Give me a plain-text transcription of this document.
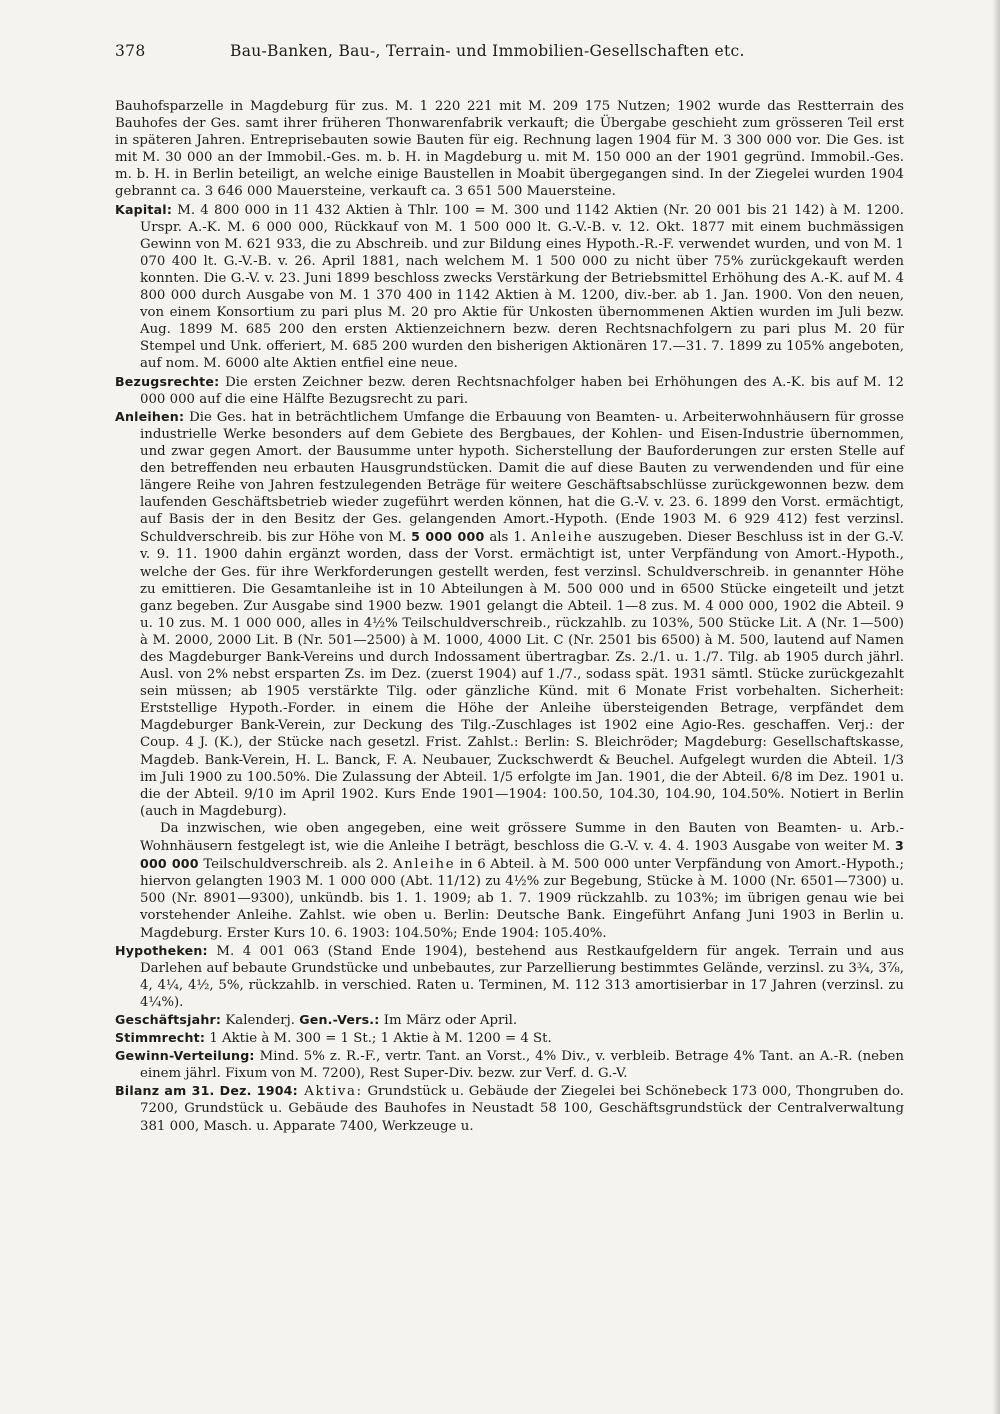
378	Bau-Banken, Bau-, Terrain- und Immobilien-Gesellschaften etc.

Bauhofsparzelle in Magdeburg für zus. M. 1 220 221 mit M. 209 175 Nutzen; 1902 wurde das Restterrain des Bauhofes der Ges. samt ihrer früheren Thonwarenfabrik verkauft; die Übergabe geschieht zum grösseren Teil erst in späteren Jahren. Entreprisebauten sowie Bauten für eig. Rechnung lagen 1904 für M. 3 300 000 vor. Die Ges. ist mit M. 30 000 an der Immobil.-Ges. m. b. H. in Magdeburg u. mit M. 150 000 an der 1901 gegründ. Immobil.-Ges. m. b. H. in Berlin beteiligt, an welche einige Baustellen in Moabit übergegangen sind. In der Ziegelei wurden 1904 gebrannt ca. 3 646 000 Mauersteine, verkauft ca. 3 651 500 Mauersteine.

Kapital: M. 4 800 000 in 11 432 Aktien à Thlr. 100 = M. 300 und 1142 Aktien (Nr. 20 001 bis 21 142) à M. 1200. Urspr. A.-K. M. 6 000 000, Rückkauf von M. 1 500 000 lt. G.-V.-B. v. 12. Okt. 1877 mit einem buchmässigen Gewinn von M. 621 933, die zu Abschreib. und zur Bildung eines Hypoth.-R.-F. verwendet wurden, und von M. 1 070 400 lt. G.-V.-B. v. 26. April 1881, nach welchem M. 1 500 000 zu nicht über 75% zurückgekauft werden konnten. Die G.-V. v. 23. Juni 1899 beschloss zwecks Verstärkung der Betriebsmittel Erhöhung des A.-K. auf M. 4 800 000 durch Ausgabe von M. 1 370 400 in 1142 Aktien à M. 1200, div.-ber. ab 1. Jan. 1900. Von den neuen, von einem Konsortium zu pari plus M. 20 pro Aktie für Unkosten übernommenen Aktien wurden im Juli bezw. Aug. 1899 M. 685 200 den ersten Aktienzeichnern bezw. deren Rechtsnachfolgern zu pari plus M. 20 für Stempel und Unk. offeriert, M. 685 200 wurden den bisherigen Aktionären 17.—31. 7. 1899 zu 105% angeboten, auf nom. M. 6000 alte Aktien entfiel eine neue.

Bezugsrechte: Die ersten Zeichner bezw. deren Rechtsnachfolger haben bei Erhöhungen des A.-K. bis auf M. 12 000 000 auf die eine Hälfte Bezugsrecht zu pari.

Anleihen: Die Ges. hat in beträchtlichem Umfange die Erbauung von Beamten- u. Arbeiterwohnhäusern für grosse industrielle Werke besonders auf dem Gebiete des Bergbaues, der Kohlen- und Eisen-Industrie übernommen, und zwar gegen Amort. der Bausumme unter hypoth. Sicherstellung der Bauforderungen zur ersten Stelle auf den betreffenden neu erbauten Hausgrundstücken. Damit die auf diese Bauten zu verwendenden und für eine längere Reihe von Jahren festzulegenden Beträge für weitere Geschäftsabschlüsse zurückgewonnen bezw. dem laufenden Geschäftsbetrieb wieder zugeführt werden können, hat die G.-V. v. 23. 6. 1899 den Vorst. ermächtigt, auf Basis der in den Besitz der Ges. gelangenden Amort.-Hypoth. (Ende 1903 M. 6 929 412) fest verzinsl. Schuldverschreib. bis zur Höhe von M. 5 000 000 als 1. Anleihe auszugeben. Dieser Beschluss ist in der G.-V. v. 9. 11. 1900 dahin ergänzt worden, dass der Vorst. ermächtigt ist, unter Verpfändung von Amort.-Hypoth., welche der Ges. für ihre Werkforderungen gestellt werden, fest verzinsl. Schuldverschreib. in genannter Höhe zu emittieren. Die Gesamtanleihe ist in 10 Abteilungen à M. 500 000 und in 6500 Stücke eingeteilt und jetzt ganz begeben. Zur Ausgabe sind 1900 bezw. 1901 gelangt die Abteil. 1—8 zus. M. 4 000 000, 1902 die Abteil. 9 u. 10 zus. M. 1 000 000, alles in 4½% Teilschuldverschreib., rückzahlb. zu 103%, 500 Stücke Lit. A (Nr. 1—500) à M. 2000, 2000 Lit. B (Nr. 501—2500) à M. 1000, 4000 Lit. C (Nr. 2501 bis 6500) à M. 500, lautend auf Namen des Magdeburger Bank-Vereins und durch Indossament übertragbar. Zs. 2./1. u. 1./7. Tilg. ab 1905 durch jährl. Ausl. von 2% nebst ersparten Zs. im Dez. (zuerst 1904) auf 1./7., sodass spät. 1931 sämtl. Stücke zurückgezahlt sein müssen; ab 1905 verstärkte Tilg. oder gänzliche Künd. mit 6 Monate Frist vorbehalten. Sicherheit: Erststellige Hypoth.-Forder. in einem die Höhe der Anleihe übersteigenden Betrage, verpfändet dem Magdeburger Bank-Verein, zur Deckung des Tilg.-Zuschlages ist 1902 eine Agio-Res. geschaffen. Verj.: der Coup. 4 J. (K.), der Stücke nach gesetzl. Frist. Zahlst.: Berlin: S. Bleichröder; Magdeburg: Gesellschaftskasse, Magdeb. Bank-Verein, H. L. Banck, F. A. Neubauer, Zuckschwerdt & Beuchel. Aufgelegt wurden die Abteil. 1/3 im Juli 1900 zu 100.50%. Die Zulassung der Abteil. 1/5 erfolgte im Jan. 1901, die der Abteil. 6/8 im Dez. 1901 u. die der Abteil. 9/10 im April 1902. Kurs Ende 1901—1904: 100.50, 104.30, 104.90, 104.50%. Notiert in Berlin (auch in Magdeburg).

Da inzwischen, wie oben angegeben, eine weit grössere Summe in den Bauten von Beamten- u. Arb.-Wohnhäusern festgelegt ist, wie die Anleihe I beträgt, beschloss die G.-V. v. 4. 4. 1903 Ausgabe von weiter M. 3 000 000 Teilschuldverschreib. als 2. Anleihe in 6 Abteil. à M. 500 000 unter Verpfändung von Amort.-Hypoth.; hiervon gelangten 1903 M. 1 000 000 (Abt. 11/12) zu 4½% zur Begebung, Stücke à M. 1000 (Nr. 6501—7300) u. 500 (Nr. 8901—9300), unkündb. bis 1. 1. 1909; ab 1. 7. 1909 rückzahlb. zu 103%; im übrigen genau wie bei vorstehender Anleihe. Zahlst. wie oben u. Berlin: Deutsche Bank. Eingeführt Anfang Juni 1903 in Berlin u. Magdeburg. Erster Kurs 10. 6. 1903: 104.50%; Ende 1904: 105.40%.

Hypotheken: M. 4 001 063 (Stand Ende 1904), bestehend aus Restkaufgeldern für angek. Terrain und aus Darlehen auf bebaute Grundstücke und unbebautes, zur Parzellierung bestimmtes Gelände, verzinsl. zu 3¾, 3⅞, 4, 4¼, 4½, 5%, rückzahlb. in verschied. Raten u. Terminen, M. 112 313 amortisierbar in 17 Jahren (verzinsl. zu 4¼%).

Geschäftsjahr: Kalenderj. Gen.-Vers.: Im März oder April.

Stimmrecht: 1 Aktie à M. 300 = 1 St.; 1 Aktie à M. 1200 = 4 St.

Gewinn-Verteilung: Mind. 5% z. R.-F., vertr. Tant. an Vorst., 4% Div., v. verbleib. Betrage 4% Tant. an A.-R. (neben einem jährl. Fixum von M. 7200), Rest Super-Div. bezw. zur Verf. d. G.-V.

Bilanz am 31. Dez. 1904: Aktiva: Grundstück u. Gebäude der Ziegelei bei Schönebeck 173 000, Thongruben do. 7200, Grundstück u. Gebäude des Bauhofes in Neustadt 58 100, Geschäftsgrundstück der Centralverwaltung 381 000, Masch. u. Apparate 7400, Werkzeuge u.
